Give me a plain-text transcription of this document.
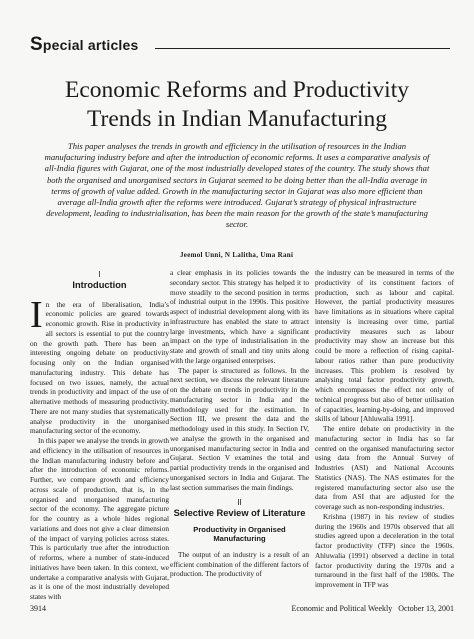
Special articles
Economic Reforms and Productivity
Trends in Indian Manufacturing
This paper analyses the trends in growth and efficiency in the utilisation of resources in the Indian manufacturing industry before and after the introduction of economic reforms. It uses a comparative analysis of all-India figures with Gujarat, one of the most industrially developed states of the country. The study shows that both the organised and unorganised sectors in Gujarat seemed to be doing better than the all-India average in terms of growth of value added. Growth in the manufacturing sector in Gujarat was also more efficient than average all-India growth after the reforms were introduced. Gujarat’s strategy of physical infrastructure development, leading to industrialisation, has been the main reason for the growth of the state’s manufacturing sector.
Jeemol Unni, N Lalitha, Uma Rani
I
Introduction

In the era of liberalisation, India’s economic policies are geared towards economic growth. Rise in productivity in all sectors is essential to put the country on the growth path. There has been an interesting ongoing debate on productivity focusing only on the Indian organised manufacturing industry. This debate has focused on two issues, namely, the actual trends in productivity and impact of the use of alternative methods of measuring productivity. There are not many studies that systematically analyse productivity in the unorganised manufacturing sector of the economy.

In this paper we analyse the trends in growth and efficiency in the utilisation of resources in the Indian manufacturing industry before and after the introduction of economic reforms. Further, we compare growth and efficiency across scale of production, that is, in the organised and unorganised manufacturing sector of the economy. The aggregate picture for the country as a whole hides regional variations and does not give a clear dimension of the impact of varying policies across states. This is particularly true after the introduction of reforms, where a number of state-induced initiatives have been taken. In this context, we undertake a comparative analysis with Gujarat, as it is one of the most industrially developed states with

a clear emphasis in its policies towards the secondary sector. This strategy has helped it to move steadily to the second position in terms of industrial output in the 1990s. This positive aspect of industrial development along with its infrastructure has enabled the state to attract large investments, which have a significant impact on the type of industrialisation in the state and growth of small and tiny units along with the large organised enterprises.

The paper is structured as follows. In the next section, we discuss the relevant literature on the debate on trends in productivity in the manufacturing sector in India and the methodology used for the estimation. In Section III, we present the data and the methodology used in this study. In Section IV, we analyse the growth in the organised and unorganised manufacturing sector in India and Gujarat. Section V examines the total and partial productivity trends in the organised and unorganised sectors in India and Gujarat. The last section summarises the main findings.

II
Selective Review of Literature
Productivity in Organised Manufacturing

The output of an industry is a result of an efficient combination of the different factors of production. The productivity of

the industry can be measured in terms of the productivity of its constituent factors of production, such as labour and capital. However, the partial productivity measures have limitations as in situations where capital intensity is increasing over time, partial productivity measures such as labour productivity may show an increase but this could be more a reflection of rising capital-labour ratios rather than pure productivity increases. This problem is resolved by analysing total factor productivity growth, which encompasses the effect not only of technical progress but also of better utilisation of capacities, learning-by-doing, and improved skills of labour [Ahluwalia 1991].

The entire debate on productivity in the manufacturing sector in India has so far centred on the organised manufacturing sector using data from the Annual Survey of Industries (ASI) and National Accounts Statistics (NAS). The NAS estimates for the registered manufacturing sector also use the data from ASI that are adjusted for the coverage such as non-responding industries.

Krishna (1987) in his review of studies during the 1960s and 1970s observed that all studies agreed upon a deceleration in the total factor productivity (TFP) since the 1960s. Ahluwalia (1991) observed a decline in total factor productivity during the 1970s and a turnaround in the first half of the 1980s. The improvement in TFP was

3914	Economic and Political Weekly   October 13, 2001
